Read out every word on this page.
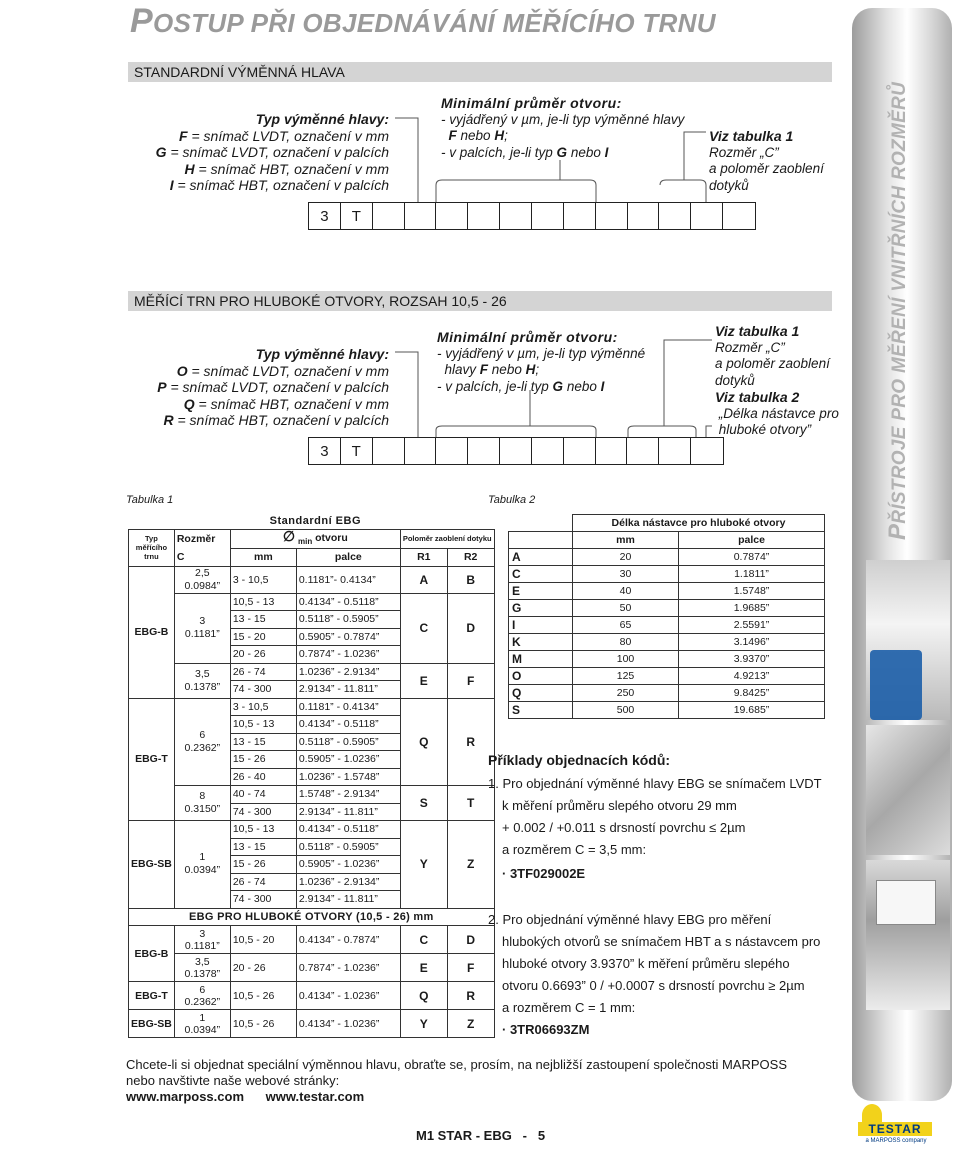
POSTUP PŘI OBJEDNÁVÁNÍ MĚŘÍCÍHO TRNU
PŘÍSTROJE PRO MĚŘENÍ VNITŘNÍCH ROZMĚRŮ
STANDARDNÍ VÝMĚNNÁ HLAVA
Typ výměnné hlavy:
F = snímač LVDT, označení v mm
G = snímač LVDT, označení v palcích
H = snímač HBT, označení v mm
I = snímač HBT, označení v palcích
Minimální průměr otvoru:
- vyjádřený v µm, je-li typ výměnné hlavy
F nebo H;
- v palcích, je-li typ G nebo I
Viz tabulka 1
Rozměr „C”
a poloměr zaoblení
dotyků
3	T
MĚŘÍCÍ TRN PRO HLUBOKÉ OTVORY, ROZSAH 10,5 - 26
Typ výměnné hlavy:
O = snímač LVDT, označení v mm
P = snímač LVDT, označení v palcích
Q = snímač HBT, označení v mm
R = snímač HBT, označení v palcích
Minimální průměr otvoru:
- vyjádřený v µm, je-li typ výměnné
hlavy F nebo H;
- v palcích, je-li typ G nebo I
Viz tabulka 1
Rozměr „C”
a poloměr zaoblení
dotyků
Viz tabulka 2
„Délka nástavce pro
hluboké otvory”
3	T
Tabulka 1
		Standardní EBG			

Typ
měřícího
trnu	Rozměr	∅ $_{min}$ otvoru		Poloměr zaoblení dotyku	
	C	mm	palce	R1	R2
EBG-B	2,5
0.0984”	3 - 10,5	0.1181”- 0.4134”	A	B

	3
0.1181”	10,5 - 13	0.4134” - 0.5118”	C	D
		13 - 15	0.5118” - 0.5905”		
		15 - 20	0.5905” - 0.7874”		
		20 - 26	0.7874” - 1.0236”		

	3,5
0.1378”	26 - 74	1.0236” - 2.9134”	E	F
		74 - 300	2.9134” - 11.811”		
EBG-T	6
0.2362”	3 - 10,5	0.1181” - 0.4134”	Q	R
		10,5 - 13	0.4134” - 0.5118”		
		13 - 15	0.5118” - 0.5905”		
		15 - 26	0.5905” - 1.0236”		
		26 - 40	1.0236” - 1.5748”		

	8
0.3150”	40 - 74	1.5748” - 2.9134”	S	T
		74 - 300	2.9134” - 11.811”		
EBG-SB	1
0.0394”	10,5 - 13	0.4134” - 0.5118”	Y	Z
		13 - 15	0.5118” - 0.5905”		
		15 - 26	0.5905” - 1.0236”		
		26 - 74	1.0236” - 2.9134”		
		74 - 300	2.9134” - 11.811”		
EBG PRO HLUBOKÉ OTVORY (10,5 - 26) mm					
EBG-B	3
0.1181”	10,5 - 20	0.4134” - 0.7874”	C	D

	3,5
0.1378”	20 - 26	0.7874” - 1.0236”	E	F
EBG-T	6
0.2362”	10,5 - 26	0.4134” - 1.0236”	Q	R
EBG-SB	1
0.0394”	10,5 - 26	0.4134” - 1.0236”	Y	Z
Tabulka 2
	Délka nástavce pro hluboké otvory	
	mm	palce
A	20	0.7874”
C	30	1.1811”
E	40	1.5748”
G	50	1.9685”
I	65	2.5591”
K	80	3.1496”
M	100	3.9370”
O	125	4.9213”
Q	250	9.8425”
S	500	19.685”
Příklady objednacích kódů:
1. Pro objednání výměnné hlavy EBG se snímačem LVDT
k měření průměru slepého otvoru 29 mm
+ 0.002 / +0.011 s drsností povrchu ≤ 2µm
a rozměrem C = 3,5 mm:
· 3TF029002E
2. Pro objednání výměnné hlavy EBG pro měření
hlubokých otvorů se snímačem HBT a s nástavcem pro
hluboké otvory 3.9370” k měření průměru slepého
otvoru 0.6693” 0 / +0.0007 s drsností povrchu ≥ 2µm
a rozměrem C = 1 mm:
· 3TR06693ZM
Chcete-li si objednat speciální výměnnou hlavu, obraťte se, prosím, na nejbližší zastoupení společnosti MARPOSS
nebo navštivte naše webové stránky:
www.marposs.com www.testar.com
M1 STAR - EBG   -   5	TESTAR
a MARPOSS company
